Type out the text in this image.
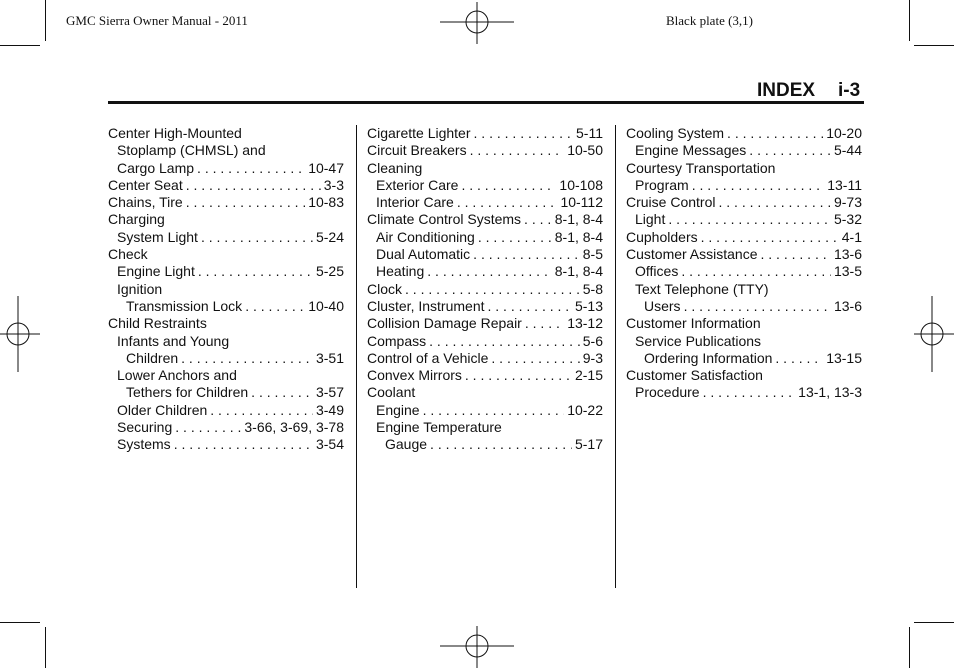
GMC Sierra Owner Manual - 2011	Black plate (3,1)
INDEX i-3
Center High-Mounted
Stoplamp (CHMSL) and
Cargo Lamp . . .	10-47
Center Seat . . .	3-3
Chains, Tire . . .	10-83
Charging
System Light . . .	5-24
Check
Engine Light . . .	5-25
Ignition
Transmission Lock . . .	10-40
Child Restraints
Infants and Young
Children . . .	3-51
Lower Anchors and
Tethers for Children . . .	3-57
Older Children . . .	3-49
Securing . . .	3-66, 3-69, 3-78
Systems . . .	3-54
Cigarette Lighter . . .	5-11
Circuit Breakers . . .	10-50
Cleaning
Exterior Care . . .	10-108
Interior Care . . .	10-112
Climate Control Systems . . . 8-1, 8-4
Air Conditioning . . .	8-1, 8-4
Dual Automatic . . .	8-5
Heating . . .	8-1, 8-4
Clock . . .	5-8
Cluster, Instrument . . .	5-13
Collision Damage Repair . . .	13-12
Compass . . .	5-6
Control of a Vehicle . . .	9-3
Convex Mirrors . . .	2-15
Coolant
Engine . . .	10-22
Engine Temperature
Gauge . . .	5-17
Cooling System . . .	10-20
Engine Messages . . .	5-44
Courtesy Transportation
Program . . .	13-11
Cruise Control . . .	9-73
Light . . .	5-32
Cupholders . . .	4-1
Customer Assistance . . .	13-6
Offices . . .	13-5
Text Telephone (TTY)
Users . . .	13-6
Customer Information
Service Publications
Ordering Information . . .	13-15
Customer Satisfaction
Procedure . . .	13-1, 13-3
